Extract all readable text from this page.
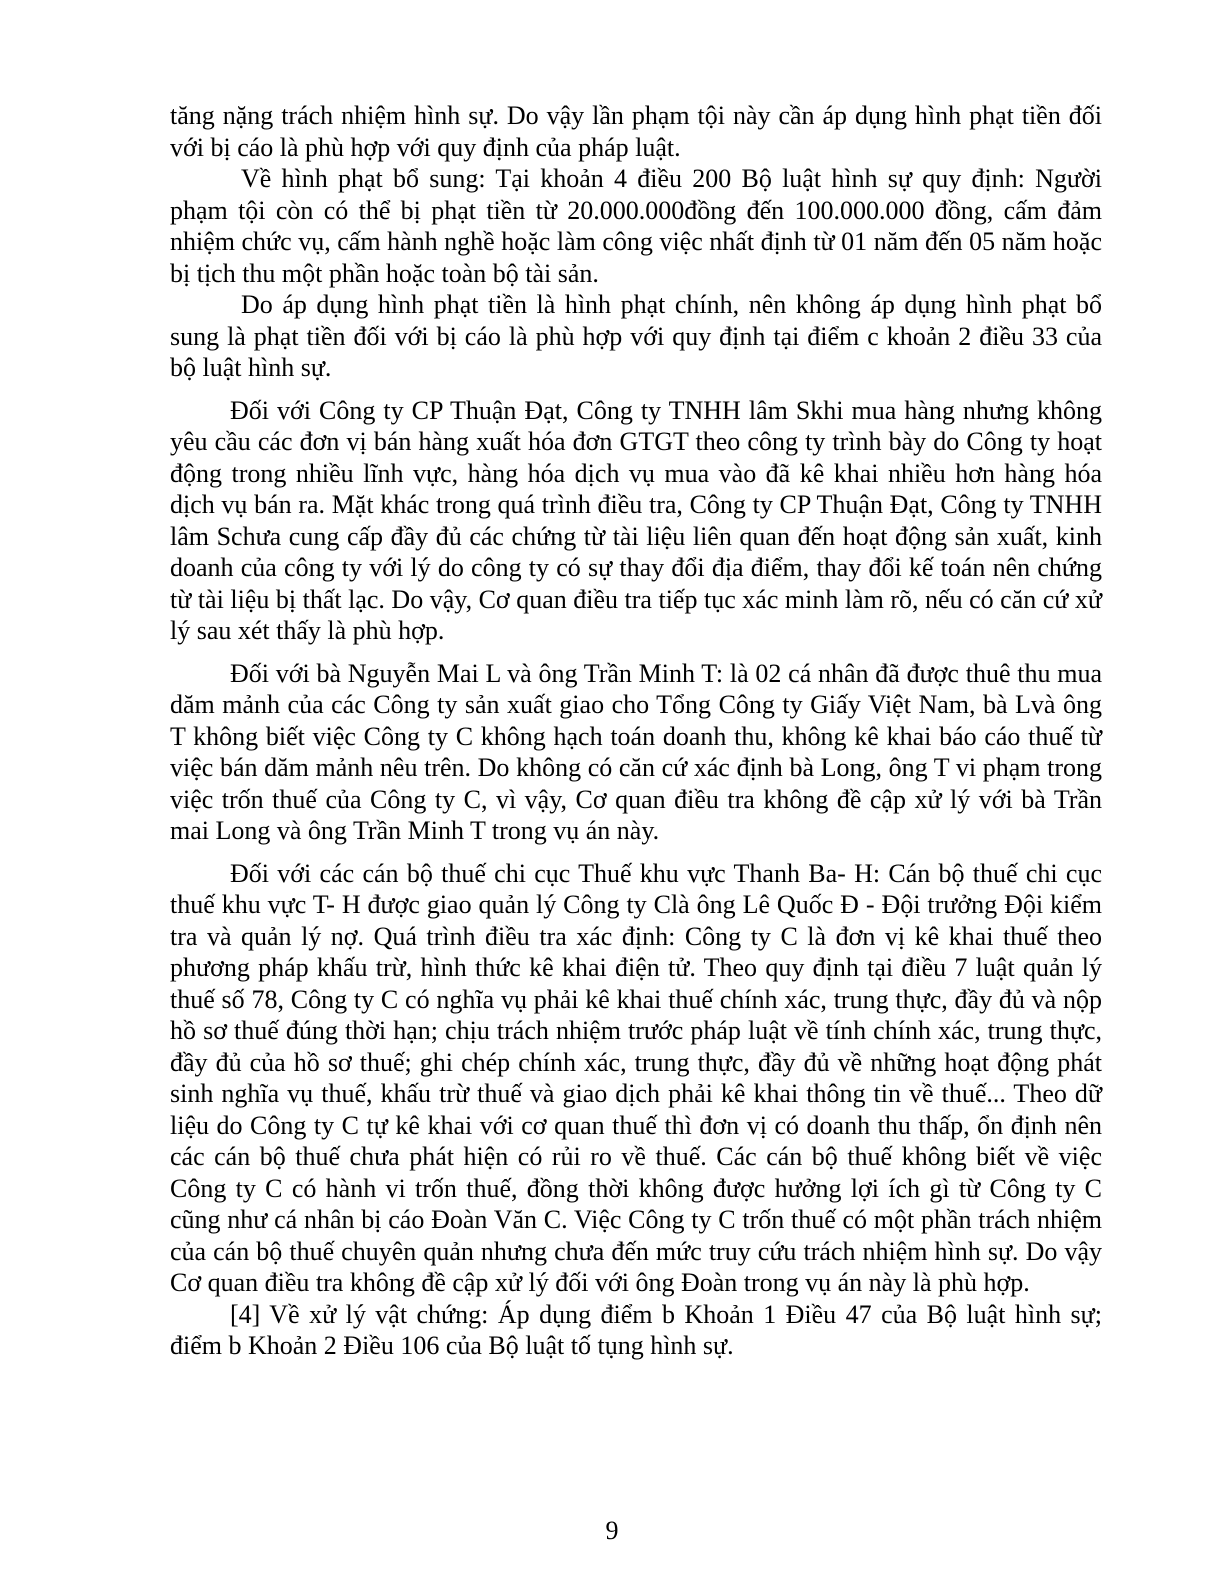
tăng nặng trách nhiệm hình sự. Do vậy lần phạm tội này cần áp dụng hình phạt tiền đối với bị cáo là phù hợp với quy định của pháp luật.

Về hình phạt bổ sung: Tại khoản 4 điều 200 Bộ luật hình sự quy định: Người phạm tội còn có thể bị phạt tiền từ 20.000.000đồng đến 100.000.000 đồng, cấm đảm nhiệm chức vụ, cấm hành nghề hoặc làm công việc nhất định từ 01 năm đến 05 năm hoặc bị tịch thu một phần hoặc toàn bộ tài sản.

Do áp dụng hình phạt tiền là hình phạt chính, nên không áp dụng hình phạt bổ sung là phạt tiền đối với bị cáo là phù hợp với quy định tại điểm c khoản 2 điều 33 của bộ luật hình sự.

Đối với Công ty CP Thuận Đạt, Công ty TNHH lâm Skhi mua hàng nhưng không yêu cầu các đơn vị bán hàng xuất hóa đơn GTGT theo công ty trình bày do Công ty hoạt động trong nhiều lĩnh vực, hàng hóa dịch vụ mua vào đã kê khai nhiều hơn hàng hóa dịch vụ bán ra. Mặt khác trong quá trình điều tra, Công ty CP Thuận Đạt, Công ty TNHH lâm Schưa cung cấp đầy đủ các chứng từ tài liệu liên quan đến hoạt động sản xuất, kinh doanh của công ty với lý do công ty có sự thay đổi địa điểm, thay đổi kế toán nên chứng từ tài liệu bị thất lạc. Do vậy, Cơ quan điều tra tiếp tục xác minh làm rõ, nếu có căn cứ xử lý sau xét thấy là phù hợp.

Đối với bà Nguyễn Mai L và ông Trần Minh T: là 02 cá nhân đã được thuê thu mua dăm mảnh của các Công ty sản xuất giao cho Tổng Công ty Giấy Việt Nam, bà Lvà ông T không biết việc Công ty C không hạch toán doanh thu, không kê khai báo cáo thuế từ việc bán dăm mảnh nêu trên. Do không có căn cứ xác định bà Long, ông T vi phạm trong việc trốn thuế của Công ty C, vì vậy, Cơ quan điều tra không đề cập xử lý với bà Trần mai Long và ông Trần Minh T trong vụ án này.

Đối với các cán bộ thuế chi cục Thuế khu vực Thanh Ba- H: Cán bộ thuế chi cục thuế khu vực T- H được giao quản lý Công ty Clà ông Lê Quốc Đ - Đội trưởng Đội kiểm tra và quản lý nợ. Quá trình điều tra xác định: Công ty C là đơn vị kê khai thuế theo phương pháp khấu trừ, hình thức kê khai điện tử. Theo quy định tại điều 7 luật quản lý thuế số 78, Công ty C có nghĩa vụ phải kê khai thuế chính xác, trung thực, đầy đủ và nộp hồ sơ thuế đúng thời hạn; chịu trách nhiệm trước pháp luật về tính chính xác, trung thực, đầy đủ của hồ sơ thuế; ghi chép chính xác, trung thực, đầy đủ về những hoạt động phát sinh nghĩa vụ thuế, khấu trừ thuế và giao dịch phải kê khai thông tin về thuế... Theo dữ liệu do Công ty C tự kê khai với cơ quan thuế thì đơn vị có doanh thu thấp, ổn định nên các cán bộ thuế chưa phát hiện có rủi ro về thuế. Các cán bộ thuế không biết về việc Công ty C có hành vi trốn thuế, đồng thời không được hưởng lợi ích gì từ Công ty C cũng như cá nhân bị cáo Đoàn Văn C. Việc Công ty C trốn thuế có một phần trách nhiệm của cán bộ thuế chuyên quản nhưng chưa đến mức truy cứu trách nhiệm hình sự. Do vậy Cơ quan điều tra không đề cập xử lý đối với ông Đoàn trong vụ án này là phù hợp.

[4] Về xử lý vật chứng: Áp dụng điểm b Khoản 1 Điều 47 của Bộ luật hình sự; điểm b Khoản 2 Điều 106 của Bộ luật tố tụng hình sự.

9
